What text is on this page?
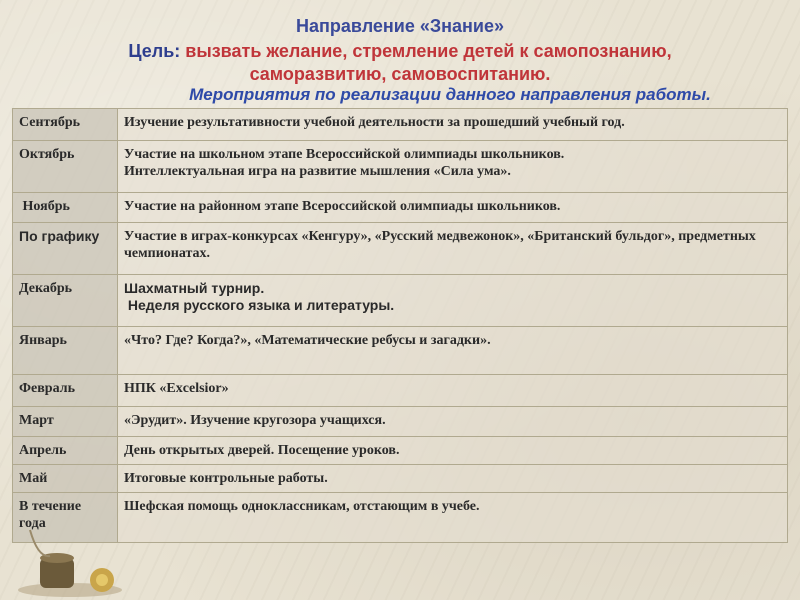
Направление «Знание»
Цель: вызвать желание, стремление детей к самопознанию,
саморазвитию, самовоспитанию.
Мероприятия по реализации данного направления работы.
Сентябрь	Изучение результативности учебной деятельности за прошедший учебный год.

Октябрь	Участие на школьном этапе Всероссийской олимпиады школьников.
Интеллектуальная игра на развитие мышления «Сила ума».

Ноябрь	Участие на районном этапе Всероссийской олимпиады школьников.

По графику	Участие в играх-конкурсах «Кенгуру», «Русский медвежонок», «Британский бульдог», предметных чемпионатах.

Декабрь	Шахматный турнир.
Неделя русского языка и литературы.

Январь	«Что? Где? Когда?», «Математические ребусы и загадки».

Февраль	НПК «Excelsior»

Март	«Эрудит». Изучение кругозора учащихся.

Апрель	День открытых дверей. Посещение уроков.

Май	Итоговые контрольные работы.

В течение года	Шефская помощь одноклассникам, отстающим в учебе.
